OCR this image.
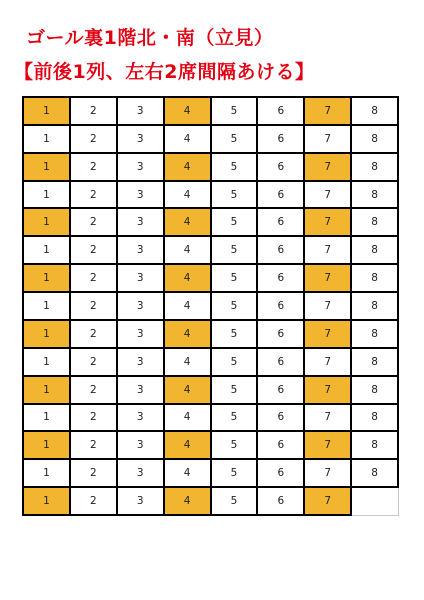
ゴール裏1階北・南（立見）
【前後1列、左右2席間隔あける】
1	2	3	4	5	6	7	8
1	2	3	4	5	6	7	8
1	2	3	4	5	6	7	8
1	2	3	4	5	6	7	8
1	2	3	4	5	6	7	8
1	2	3	4	5	6	7	8
1	2	3	4	5	6	7	8
1	2	3	4	5	6	7	8
1	2	3	4	5	6	7	8
1	2	3	4	5	6	7	8
1	2	3	4	5	6	7	8
1	2	3	4	5	6	7	8
1	2	3	4	5	6	7	8
1	2	3	4	5	6	7	8
1	2	3	4	5	6	7
